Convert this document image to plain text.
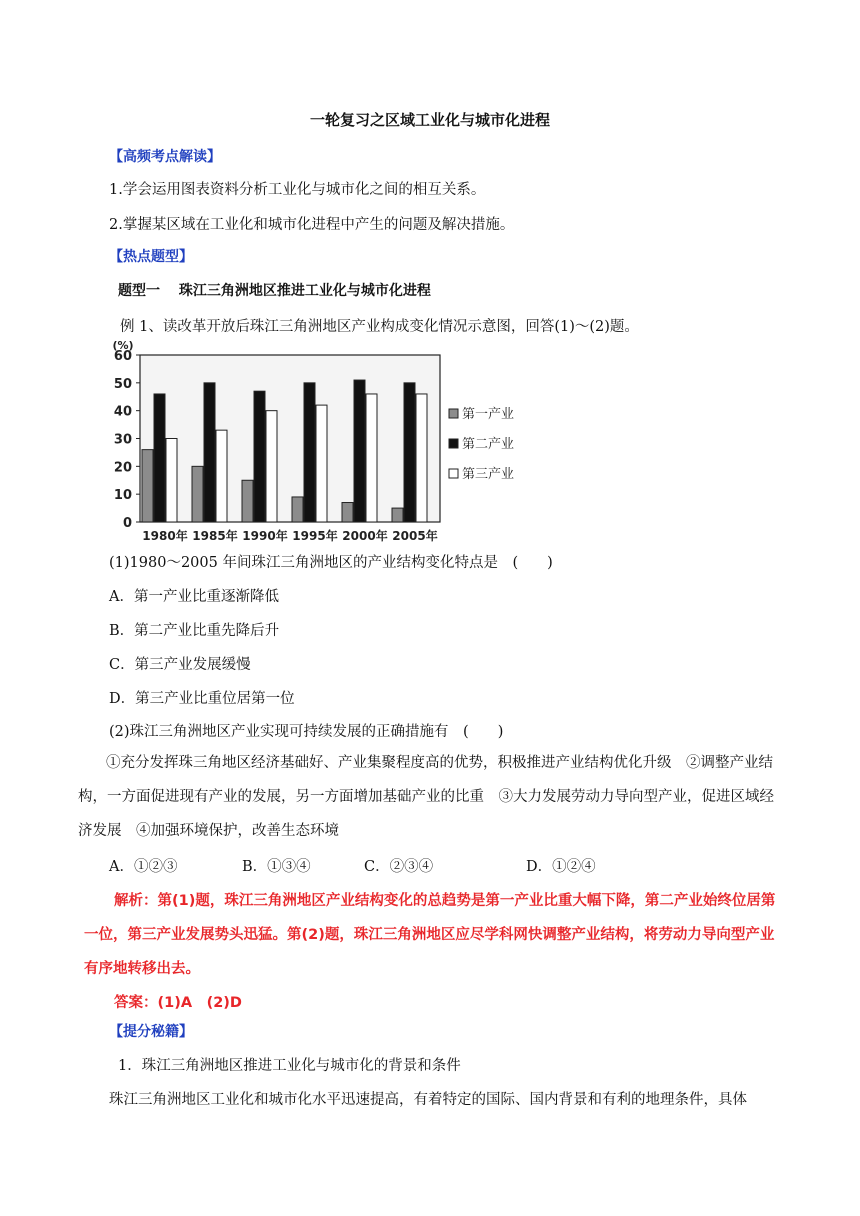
一轮复习之区域工业化与城市化进程
【高频考点解读】
1.学会运用图表资料分析工业化与城市化之间的相互关系。
2.掌握某区域在工业化和城市化进程中产生的问题及解决措施。
【热点题型】
题型一　 珠江三角洲地区推进工业化与城市化进程
例 1、读改革开放后珠江三角洲地区产业构成变化情况示意图，回答(1)～(2)题。
60
50
40
30
20
10
0
(%)
1980年 1985年 1990年 1995年 2000年 2005年
第一产业
第二产业
第三产业
(1)1980～2005 年间珠江三角洲地区的产业结构变化特点是　(　　)
A．第一产业比重逐渐降低
B．第二产业比重先降后升
C．第三产业发展缓慢
D．第三产业比重位居第一位
(2)珠江三角洲地区产业实现可持续发展的正确措施有　(　　)
①充分发挥珠三角地区经济基础好、产业集聚程度高的优势，积极推进产业结构优化升级　②调整产业结构，一方面促进现有产业的发展，另一方面增加基础产业的比重　③大力发展劳动力导向型产业，促进区域经济发展　④加强环境保护，改善生态环境
A．①②③	B．①③④	C．②③④	D．①②④
解析：第(1)题，珠江三角洲地区产业结构变化的总趋势是第一产业比重大幅下降，第二产业始终位居第一位，第三产业发展势头迅猛。第(2)题，珠江三角洲地区应尽学科网快调整产业结构，将劳动力导向型产业有序地转移出去。
答案：(1)A　(2)D
【提分秘籍】
1．珠江三角洲地区推进工业化与城市化的背景和条件
珠江三角洲地区工业化和城市化水平迅速提高，有着特定的国际、国内背景和有利的地理条件，具体
